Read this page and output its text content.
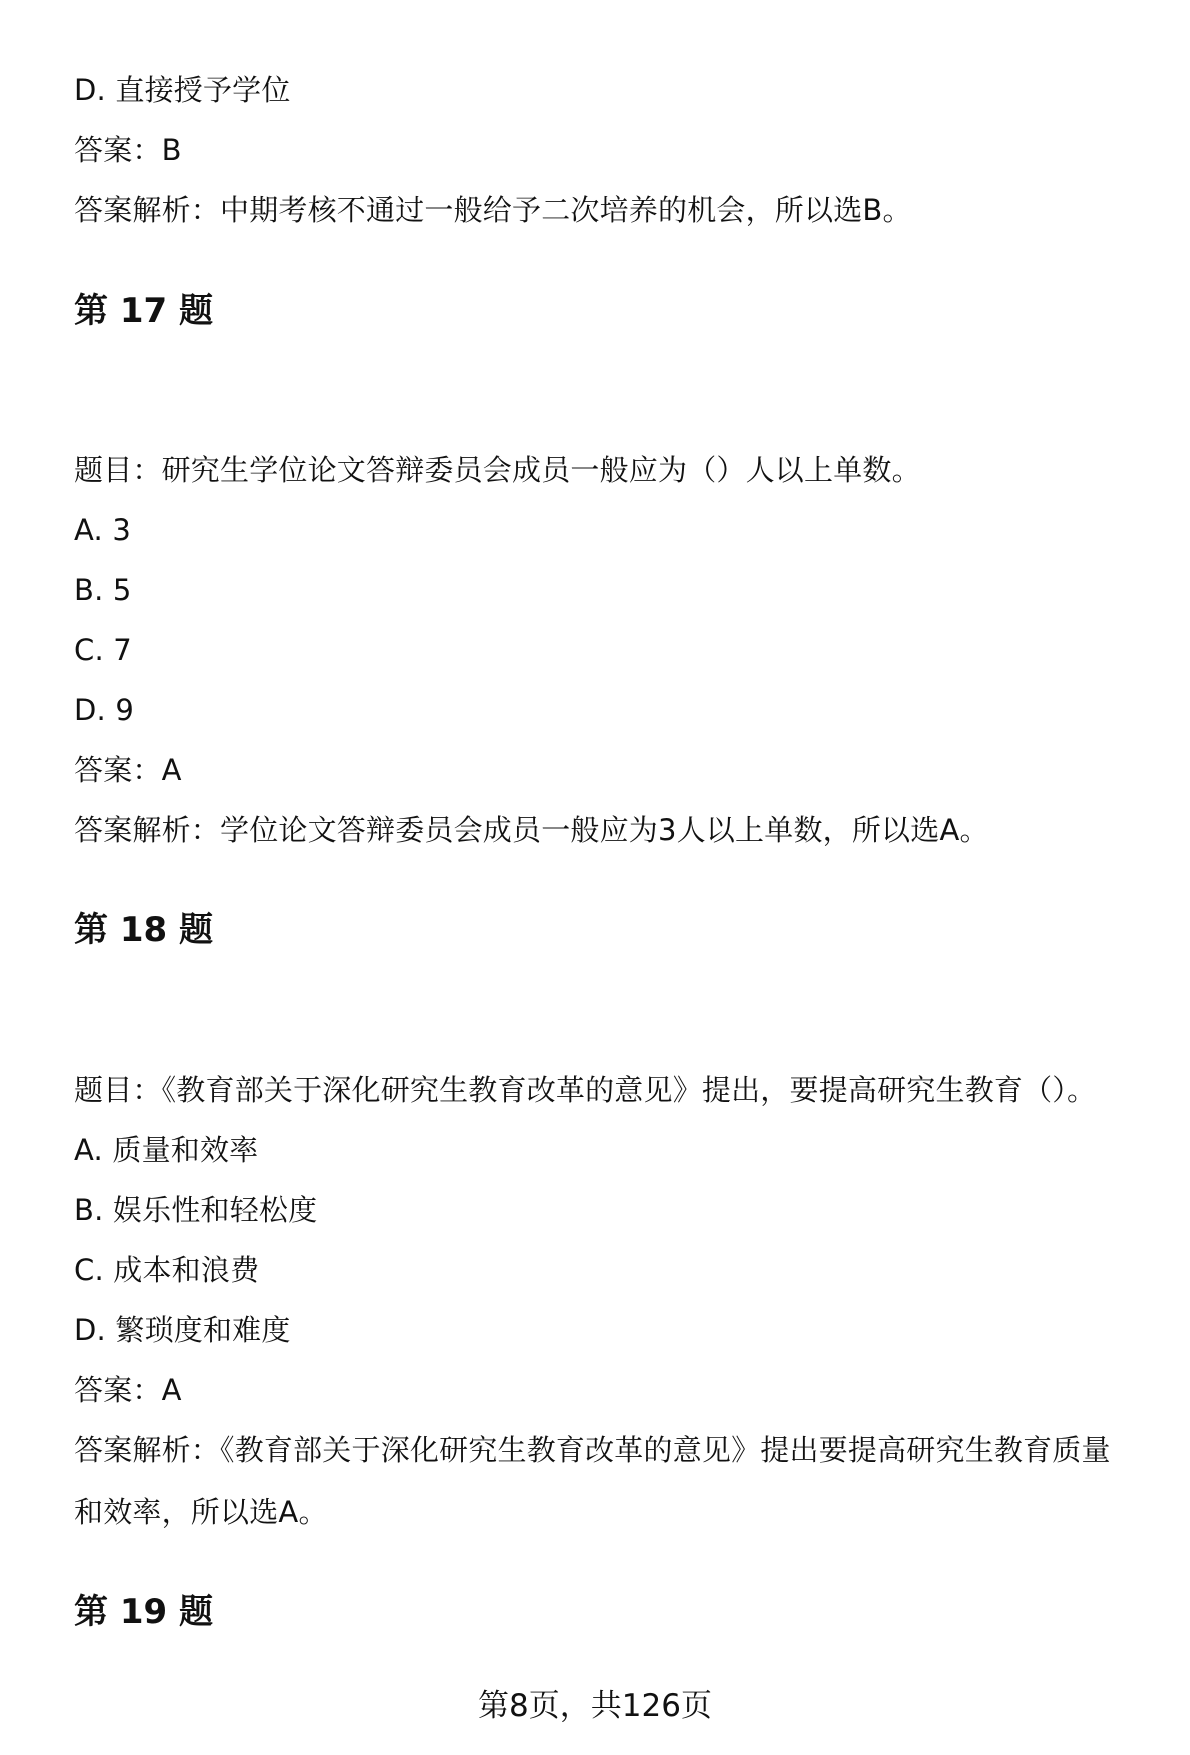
D. 直接授予学位
答案：B
答案解析：中期考核不通过一般给予二次培养的机会，所以选B。
第 17 题
题目：研究生学位论文答辩委员会成员一般应为（）人以上单数。
A. 3
B. 5
C. 7
D. 9
答案：A
答案解析：学位论文答辩委员会成员一般应为3人以上单数，所以选A。
第 18 题
题目：《教育部关于深化研究生教育改革的意见》提出，要提高研究生教育（）。
A. 质量和效率
B. 娱乐性和轻松度
C. 成本和浪费
D. 繁琐度和难度
答案：A
答案解析：《教育部关于深化研究生教育改革的意见》提出要提高研究生教育质量
和效率，所以选A。
第 19 题
第8页，共126页
